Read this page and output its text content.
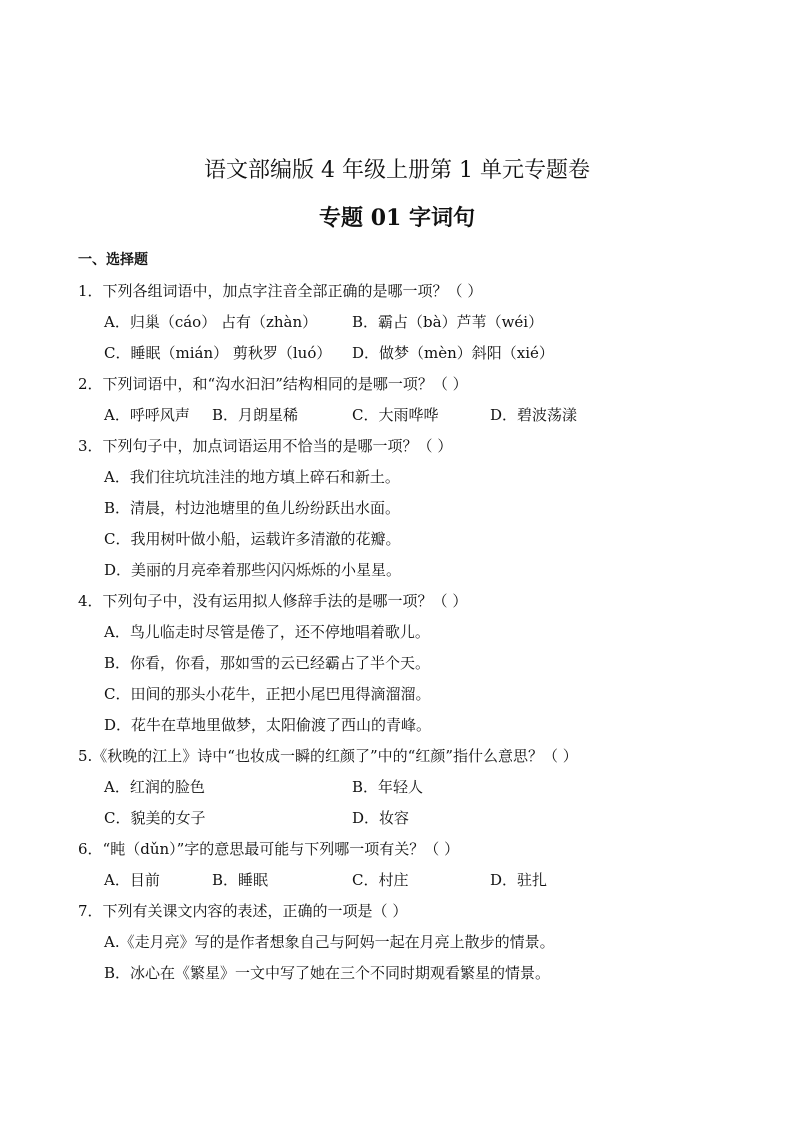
语文部编版 4 年级上册第 1 单元专题卷
专题 01 字词句
一、选择题
1．下列各组词语中，加点字注音全部正确的是哪一项？（ ）
A．归巢（cáo） 占有（zhàn） B．霸占（bà）芦苇（wéi）
C．睡眠（mián） 剪秋罗（luó） D．做梦（mèn）斜阳（xié）
2．下列词语中，和“沟水汩汩”结构相同的是哪一项？（ ）
A．呼呼风声 B．月朗星稀	C．大雨哗哗	D．碧波荡漾
3．下列句子中，加点词语运用不恰当的是哪一项？（ ）
A．我们往坑坑洼洼的地方填上碎石和新土。
B．清晨，村边池塘里的鱼儿纷纷跃出水面。
C．我用树叶做小船，运载许多清澈的花瓣。
D．美丽的月亮牵着那些闪闪烁烁的小星星。
4．下列句子中，没有运用拟人修辞手法的是哪一项？（ ）
A．鸟儿临走时尽管是倦了，还不停地唱着歌儿。
B．你看，你看，那如雪的云已经霸占了半个天。
C．田间的那头小花牛，正把小尾巴甩得滴溜溜。
D．花牛在草地里做梦，太阳偷渡了西山的青峰。
5.《秋晚的江上》诗中“也妆成一瞬的红颜了”中的“红颜”指什么意思？（ ）
A．红润的脸色	B．年轻人
C．貌美的女子	D．妆容
6．“盹（dǔn）”字的意思最可能与下列哪一项有关？（ ）
A．目前	B．睡眠	C．村庄	D．驻扎
7．下列有关课文内容的表述，正确的一项是（ ）
A.《走月亮》写的是作者想象自己与阿妈一起在月亮上散步的情景。
B．冰心在《繁星》一文中写了她在三个不同时期观看繁星的情景。
